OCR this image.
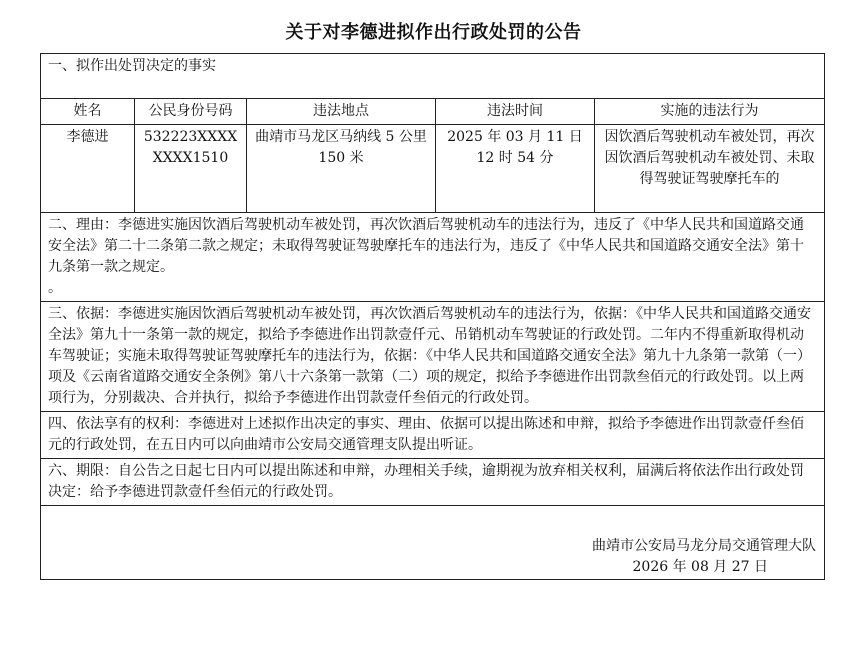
关于对李德进拟作出行政处罚的公告
一、拟作出处罚决定的事实				
姓名	公民身份号码	违法地点	违法时间	实施的违法行为
李德进	532223XXXXXXXX1510	曲靖市马龙区马纳线 5 公里 150 米	2025 年 03 月 11 日 12 时 54 分	因饮酒后驾驶机动车被处罚，再次因饮酒后驾驶机动车被处罚、未取得驾驶证驾驶摩托车的

二、理由：李德进实施因饮酒后驾驶机动车被处罚，再次饮酒后驾驶机动车的违法行为，违反了《中华人民共和国道路交通安全法》第二十二条第二款之规定；未取得驾驶证驾驶摩托车的违法行为，违反了《中华人民共和国道路交通安全法》第十九条第一款之规定。
。				

三、依据：李德进实施因饮酒后驾驶机动车被处罚，再次饮酒后驾驶机动车的违法行为，依据：《中华人民共和国道路交通安全法》第九十一条第一款的规定，拟给予李德进作出罚款壹仟元、吊销机动车驾驶证的行政处罚。二年内不得重新取得机动车驾驶证；实施未取得驾驶证驾驶摩托车的违法行为，依据：《中华人民共和国道路交通安全法》第九十九条第一款第（一）项及《云南省道路交通安全条例》第八十六条第一款第（二）项的规定，拟给予李德进作出罚款叁佰元的行政处罚。以上两项行为，分别裁决、合并执行，拟给予李德进作出罚款壹仟叁佰元的行政处罚。				
四、依法享有的权利：李德进对上述拟作出决定的事实、理由、依据可以提出陈述和申辩，拟给予李德进作出罚款壹仟叁佰元的行政处罚，在五日内可以向曲靖市公安局交通管理支队提出听证。				
六、期限：自公告之日起七日内可以提出陈述和申辩，办理相关手续，逾期视为放弃相关权利，届满后将依法作出行政处罚决定：给予李德进罚款壹仟叁佰元的行政处罚。				

曲靖市公安局马龙分局交通管理大队
2026 年 08 月 27 日				
